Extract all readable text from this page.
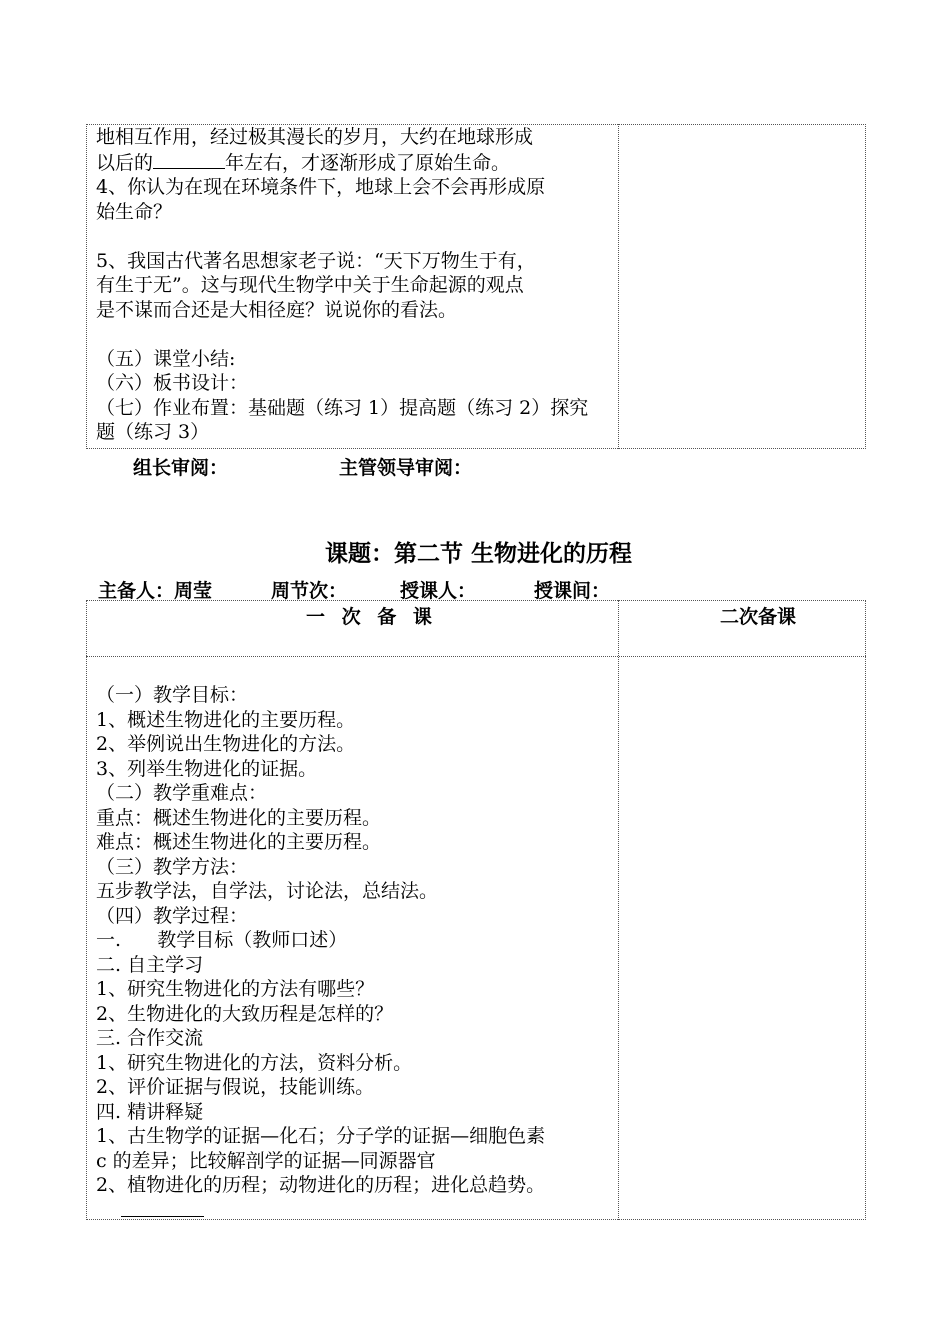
地相互作用，经过极其漫长的岁月，大约在地球形成
以后的	年左右，才逐渐形成了原始生命。
4、你认为在现在环境条件下，地球上会不会再形成原
始生命？
5、我国古代著名思想家老子说：“天下万物生于有，
有生于无”。这与现代生物学中关于生命起源的观点
是不谋而合还是大相径庭？说说你的看法。
（五）课堂小结:
（六）板书设计：
（七）作业布置：基础题（练习 1）提高题（练习 2）探究
题（练习 3）
组长审阅：	主管领导审阅：
课题：第二节 生物进化的历程
主备人：周莹	周节次：	授课人：	授课间：
一 次 备 课	二次备课
（一）教学目标：
1、概述生物进化的主要历程。
2、举例说出生物进化的方法。
3、列举生物进化的证据。
（二）教学重难点：
重点：概述生物进化的主要历程。
难点：概述生物进化的主要历程。
（三）教学方法：
五步教学法，自学法，讨论法，总结法。
（四）教学过程：
一.      教学目标（教师口述）
二. 自主学习
1、研究生物进化的方法有哪些？
2、生物进化的大致历程是怎样的？
三. 合作交流
1、研究生物进化的方法，资料分析。
2、评价证据与假说，技能训练。
四. 精讲释疑
1、古生物学的证据—化石；分子学的证据—细胞色素
c 的差异；比较解剖学的证据—同源器官
2、植物进化的历程；动物进化的历程；进化总趋势。
